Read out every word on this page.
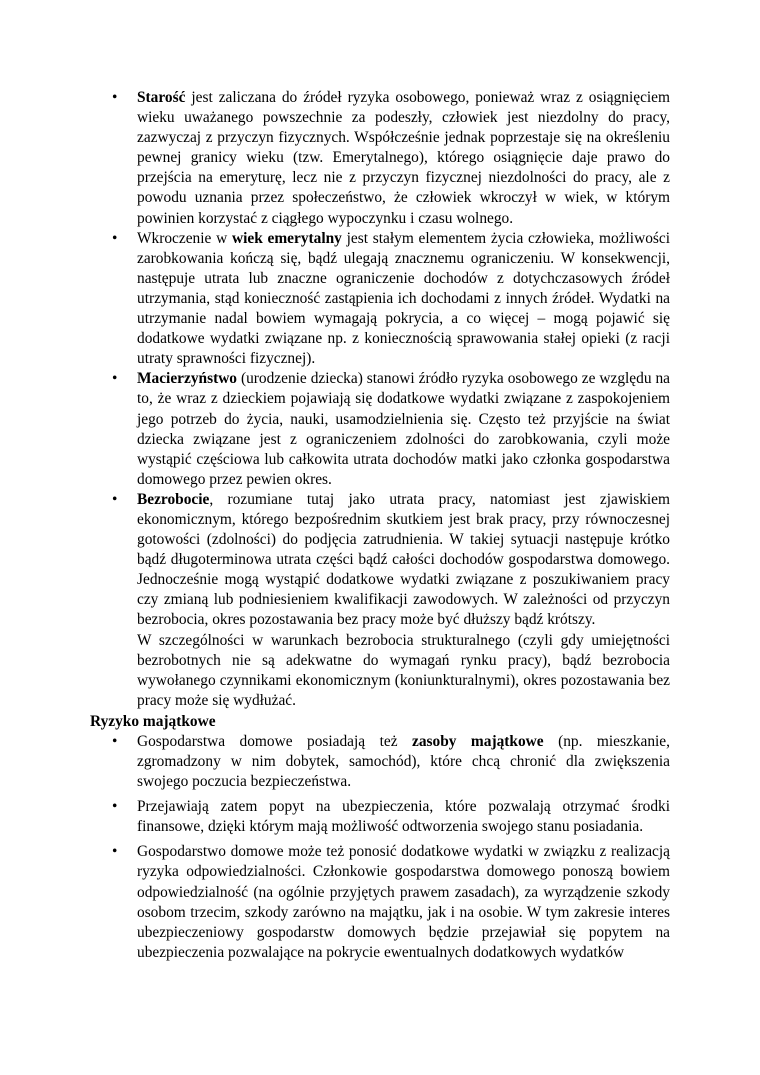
• Starość jest zaliczana do źródeł ryzyka osobowego, ponieważ wraz z osiągnięciem wieku uważanego powszechnie za podeszły, człowiek jest niezdolny do pracy, zazwyczaj z przyczyn fizycznych. Współcześnie jednak poprzestaje się na określeniu pewnej granicy wieku (tzw. Emerytalnego), którego osiągnięcie daje prawo do przejścia na emeryturę, lecz nie z przyczyn fizycznej niezdolności do pracy, ale z powodu uznania przez społeczeństwo, że człowiek wkroczył w wiek, w którym powinien korzystać z ciągłego wypoczynku i czasu wolnego.

• Wkroczenie w wiek emerytalny jest stałym elementem życia człowieka, możliwości zarobkowania kończą się, bądź ulegają znacznemu ograniczeniu. W konsekwencji, następuje utrata lub znaczne ograniczenie dochodów z dotychczasowych źródeł utrzymania, stąd konieczność zastąpienia ich dochodami z innych źródeł. Wydatki na utrzymanie nadal bowiem wymagają pokrycia, a co więcej – mogą pojawić się dodatkowe wydatki związane np. z koniecznością sprawowania stałej opieki (z racji utraty sprawności fizycznej).

• Macierzyństwo (urodzenie dziecka) stanowi źródło ryzyka osobowego ze względu na to, że wraz z dzieckiem pojawiają się dodatkowe wydatki związane z zaspokojeniem jego potrzeb do życia, nauki, usamodzielnienia się. Często też przyjście na świat dziecka związane jest z ograniczeniem zdolności do zarobkowania, czyli może wystąpić częściowa lub całkowita utrata dochodów matki jako członka gospodarstwa domowego przez pewien okres.

• Bezrobocie, rozumiane tutaj jako utrata pracy, natomiast jest zjawiskiem ekonomicznym, którego bezpośrednim skutkiem jest brak pracy, przy równoczesnej gotowości (zdolności) do podjęcia zatrudnienia. W takiej sytuacji następuje krótko bądź długoterminowa utrata części bądź całości dochodów gospodarstwa domowego. Jednocześnie mogą wystąpić dodatkowe wydatki związane z poszukiwaniem pracy czy zmianą lub podniesieniem kwalifikacji zawodowych. W zależności od przyczyn bezrobocia, okres pozostawania bez pracy może być dłuższy bądź krótszy.

W szczególności w warunkach bezrobocia strukturalnego (czyli gdy umiejętności bezrobotnych nie są adekwatne do wymagań rynku pracy), bądź bezrobocia wywołanego czynnikami ekonomicznym (koniunkturalnymi), okres pozostawania bez pracy może się wydłużać.

Ryzyko majątkowe
• Gospodarstwa domowe posiadają też zasoby majątkowe (np. mieszkanie, zgromadzony w nim dobytek, samochód), które chcą chronić dla zwiększenia swojego poczucia bezpieczeństwa.

• Przejawiają zatem popyt na ubezpieczenia, które pozwalają otrzymać środki finansowe, dzięki którym mają możliwość odtworzenia swojego stanu posiadania.

• Gospodarstwo domowe może też ponosić dodatkowe wydatki w związku z realizacją ryzyka odpowiedzialności. Członkowie gospodarstwa domowego ponoszą bowiem odpowiedzialność (na ogólnie przyjętych prawem zasadach), za wyrządzenie szkody osobom trzecim, szkody zarówno na majątku, jak i na osobie. W tym zakresie interes ubezpieczeniowy gospodarstw domowych będzie przejawiał się popytem na ubezpieczenia pozwalające na pokrycie ewentualnych dodatkowych wydatków
